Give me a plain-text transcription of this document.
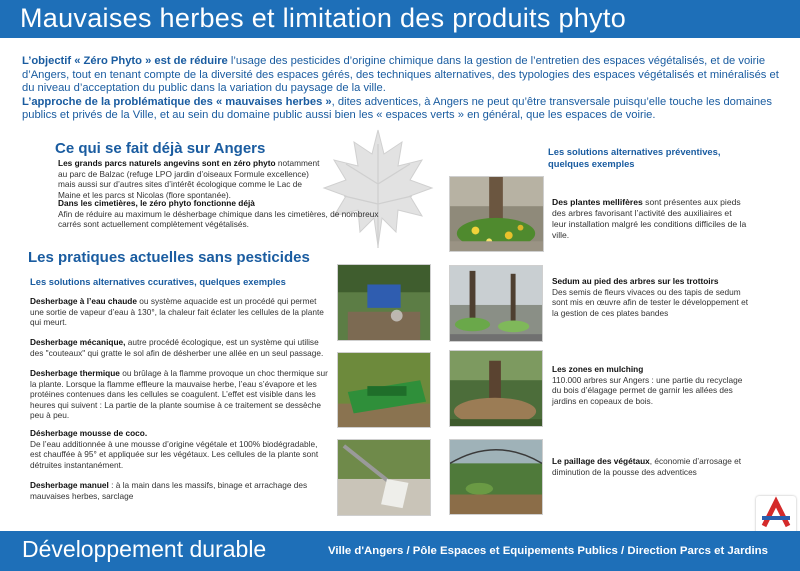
Mauvaises herbes et limitation des produits phyto

L’objectif « Zéro Phyto » est de réduire l’usage des pesticides d’origine chimique dans la gestion de l’entretien des espaces végétalisés, et de voirie d’Angers, tout en tenant compte de la diversité des espaces gérés, des techniques alternatives, des typologies des espaces végétalisés et minéralisés et du niveau d’acceptation du public dans la variation du paysage de la ville.

L’approche de la problématique des « mauvaises herbes », dites adventices, à Angers ne peut qu’être transversale puisqu’elle touche les domaines publics et privés de la Ville, et au sein du domaine public aussi bien les « espaces verts » en général, que les espaces de voirie.

Ce qui se fait déjà sur Angers

Les grands parcs naturels angevins sont en zéro phyto notamment au parc de Balzac (refuge LPO jardin d’oiseaux Formule excellence) mais aussi sur d’autres sites d’intérêt écologique comme le Lac de Maine et les parcs st Nicolas (flore spontanée).

Dans les cimetières, le zéro phyto fonctionne déjà
Afin de réduire au maximum le désherbage chimique dans les cimetières, de nombreux carrés sont actuellement complètement végétalisés.

Les pratiques actuelles sans pesticides
Les solutions alternatives ccuratives, quelques exemples

Desherbage à l’eau chaude ou système aquacide est un procédé qui permet une sortie de vapeur d’eau à 130°, la chaleur fait éclater les cellules de la plante qui meurt.

Desherbage mécanique, autre procédé écologique, est un système qui utilise des "couteaux" qui gratte le sol afin de désherber une allée en un seul passage.

Desherbage thermique ou brûlage à la flamme provoque un choc thermique sur la plante. Lorsque la flamme effleure la mauvaise herbe, l’eau s’évapore et les protéines contenues dans les cellules se coagulent. L’effet est visible dans les heures qui suivent : La partie de la plante soumise à ce traitement se dessèche peu à peu.

Désherbage mousse de coco.
De l’eau additionnée à une mousse d’origine végétale et 100% biodégradable, est chauffée à 95° et appliquée sur les végétaux. Les cellules de la plante sont détruites instantanément.

Desherbage manuel : à la main dans les massifs, binage et arrachage des mauvaises herbes, sarclage

Les solutions alternatives préventives, quelques exemples

Des plantes mellifères sont présentes aux pieds des arbres favorisant l’activité des auxiliaires et leur installation malgré les conditions difficiles de la ville.

Sedum au pied des arbres sur les trottoirs
Des semis de fleurs vivaces ou des tapis de sedum sont mis en œuvre afin de tester le développement et la gestion de ces plates bandes

Les zones en mulching
110.000 arbres sur Angers : une partie du recyclage du bois d’élagage permet de garnir les allées des jardins en copeaux de bois.

Le paillage des végétaux, économie d’arrosage et diminution de la pousse des adventices

Développement durable	Ville d'Angers / Pôle Espaces et Equipements Publics / Direction Parcs et Jardins
